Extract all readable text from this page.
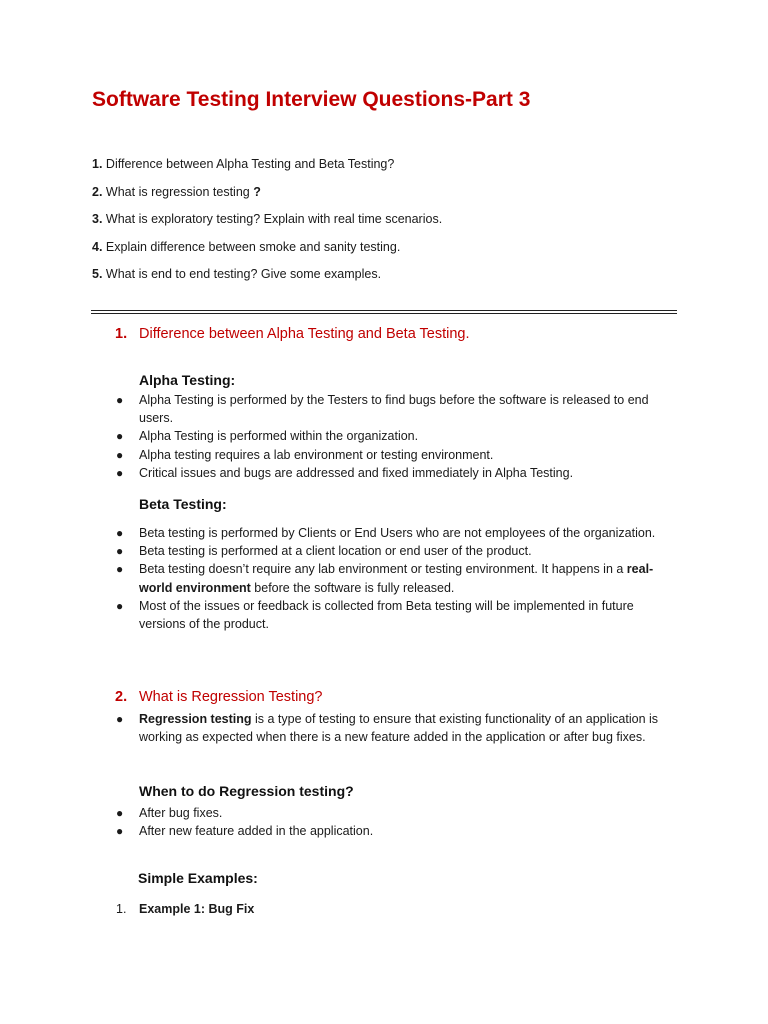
Software Testing Interview Questions-Part 3
1. Difference between Alpha Testing and Beta Testing?
2. What is regression testing ?
3. What is exploratory testing? Explain with real time scenarios.
4. Explain difference between smoke and sanity testing.
5. What is end to end testing? Give some examples.
1. Difference between Alpha Testing and Beta Testing.
Alpha Testing:
● Alpha Testing is performed by the Testers to find bugs before the software is released to end users.
● Alpha Testing is performed within the organization.
● Alpha testing requires a lab environment or testing environment.
● Critical issues and bugs are addressed and fixed immediately in Alpha Testing.
Beta Testing:
● Beta testing is performed by Clients or End Users who are not employees of the organization.
● Beta testing is performed at a client location or end user of the product.
● Beta testing doesn’t require any lab environment or testing environment. It happens in a real-world environment before the software is fully released.
● Most of the issues or feedback is collected from Beta testing will be implemented in future versions of the product.
2. What is Regression Testing?
● Regression testing is a type of testing to ensure that existing functionality of an application is working as expected when there is a new feature added in the application or after bug fixes.
When to do Regression testing?
● After bug fixes.
● After new feature added in the application.
Simple Examples:
1. Example 1: Bug Fix
